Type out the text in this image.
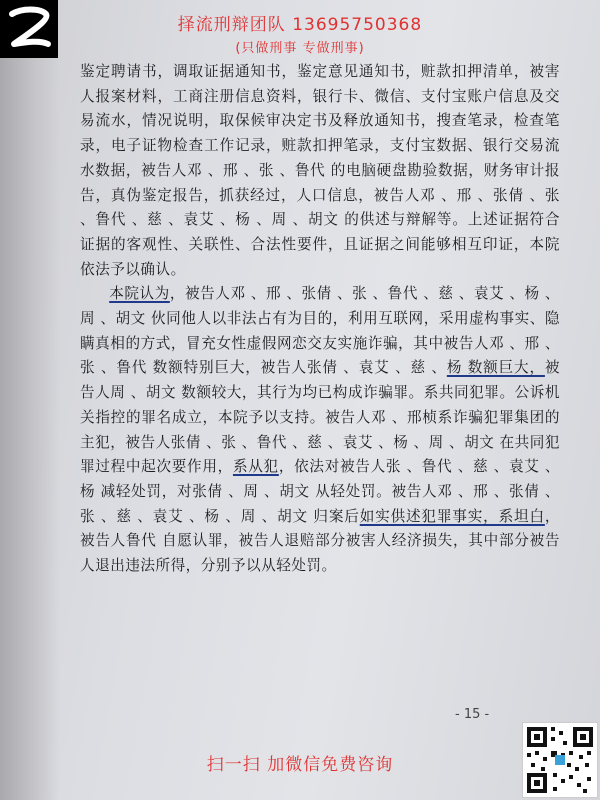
择流刑辩团队 13695750368
(只做刑事 专做刑事)

鉴定聘请书，调取证据通知书，鉴定意见通知书，赃款扣押清单，被害人报案材料，工商注册信息资料，银行卡、微信、支付宝账户信息及交易流水，情况说明，取保候审决定书及释放通知书，搜查笔录，检查笔录，电子证物检查工作记录，赃款扣押笔录，支付宝数据、银行交易流水数据，被告人邓 、邢 、张 、鲁代 的电脑硬盘勘验数据，财务审计报告，真伪鉴定报告，抓获经过，人口信息，被告人邓 、邢 、张倩 、张 、鲁代 、慈 、袁艾 、杨 、周 、胡文 的供述与辩解等。上述证据符合证据的客观性、关联性、合法性要件，且证据之间能够相互印证，本院依法予以确认。

本院认为，被告人邓 、邢 、张倩 、张 、鲁代 、慈 、袁艾 、杨 、周 、胡文 伙同他人以非法占有为目的，利用互联网，采用虚构事实、隐瞒真相的方式，冒充女性虚假网恋交友实施诈骗，其中被告人邓 、邢 、张 、鲁代 数额特别巨大，被告人张倩 、袁艾 、慈 、杨 数额巨大，被告人周 、胡文 数额较大，其行为均已构成诈骗罪。系共同犯罪。公诉机关指控的罪名成立，本院予以支持。被告人邓 、邢桢系诈骗犯罪集团的主犯，被告人张倩 、张 、鲁代 、慈 、袁艾 、杨 、周 、胡文 在共同犯罪过程中起次要作用，系从犯，依法对被告人张 、鲁代 、慈 、袁艾 、杨 减轻处罚，对张倩 、周 、胡文 从轻处罚。被告人邓 、邢 、张倩 、张 、慈 、袁艾 、杨 、周 、胡文 归案后如实供述犯罪事实，系坦白，被告人鲁代 自愿认罪，被告人退赔部分被害人经济损失，其中部分被告人退出违法所得，分别予以从轻处罚。

- 15 -
扫一扫 加微信免费咨询
